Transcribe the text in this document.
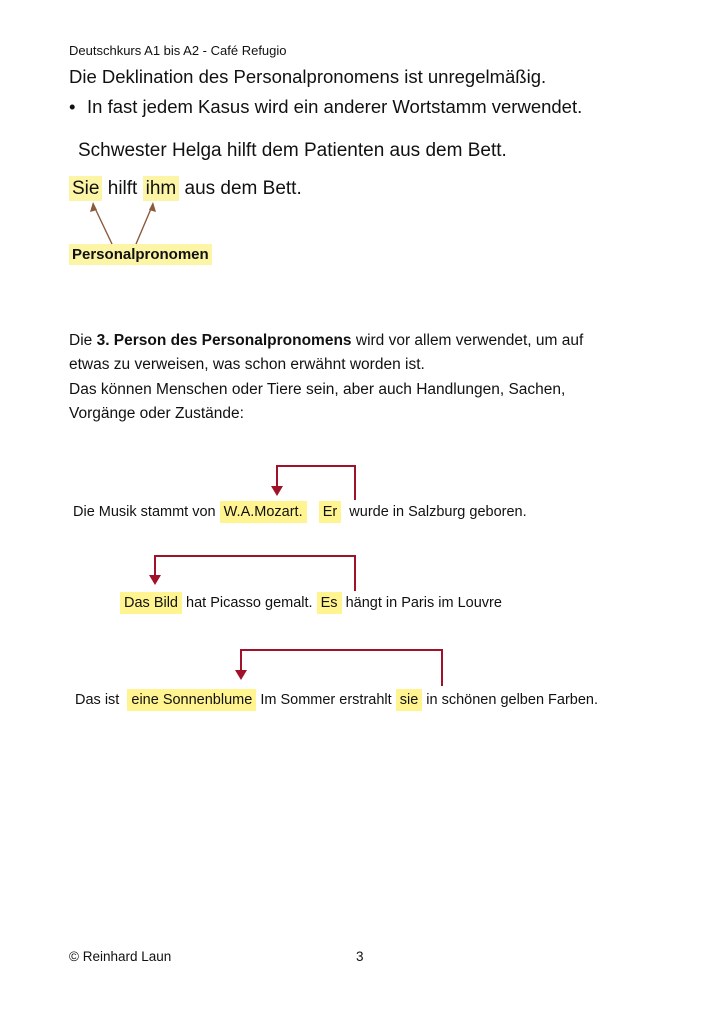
Deutschkurs A1 bis A2 - Café Refugio
Die Deklination des Personalpronomens ist unregelmäßig.
• In fast jedem Kasus wird ein anderer Wortstamm verwendet.
Schwester Helga hilft dem Patienten aus dem Bett.
Sie hilft ihm aus dem Bett.
Personalpronomen
Die 3. Person des Personalpronomens wird vor allem verwendet, um auf
etwas zu verweisen, was schon erwähnt worden ist.
Das können Menschen oder Tiere sein, aber auch Handlungen, Sachen,
Vorgänge oder Zustände:
Die Musik stammt von W.A.Mozart. Er wurde in Salzburg geboren.
Das Bild hat Picasso gemalt. Es hängt in Paris im Louvre
Das ist  eine Sonnenblume Im Sommer erstrahlt sie in schönen gelben Farben.
© Reinhard Laun	3
